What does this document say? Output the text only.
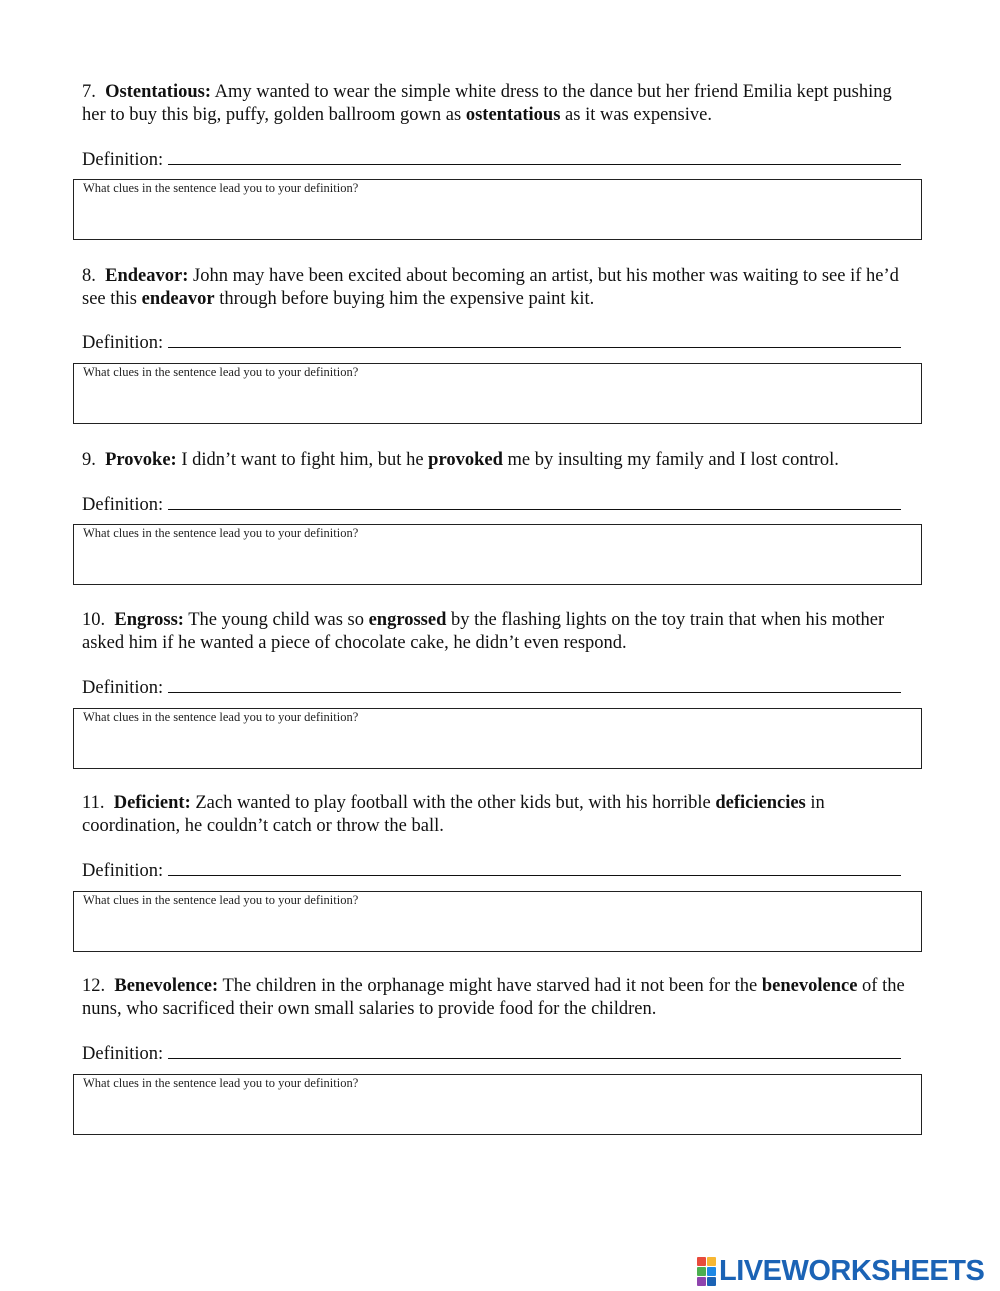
7. Ostentatious: Amy wanted to wear the simple white dress to the dance but her friend Emilia kept pushing her to buy this big, puffy, golden ballroom gown as ostentatious as it was expensive.

Definition:
What clues in the sentence lead you to your definition?

8. Endeavor: John may have been excited about becoming an artist, but his mother was waiting to see if he’d see this endeavor through before buying him the expensive paint kit.

Definition:
What clues in the sentence lead you to your definition?

9. Provoke: I didn’t want to fight him, but he provoked me by insulting my family and I lost control.

Definition:
What clues in the sentence lead you to your definition?

10. Engross: The young child was so engrossed by the flashing lights on the toy train that when his mother asked him if he wanted a piece of chocolate cake, he didn’t even respond.

Definition:
What clues in the sentence lead you to your definition?

11. Deficient: Zach wanted to play football with the other kids but, with his horrible deficiencies in coordination, he couldn’t catch or throw the ball.

Definition:
What clues in the sentence lead you to your definition?

12. Benevolence: The children in the orphanage might have starved had it not been for the benevolence of the nuns, who sacrificed their own small salaries to provide food for the children.

Definition:
What clues in the sentence lead you to your definition?
LIVEWORKSHEETS
